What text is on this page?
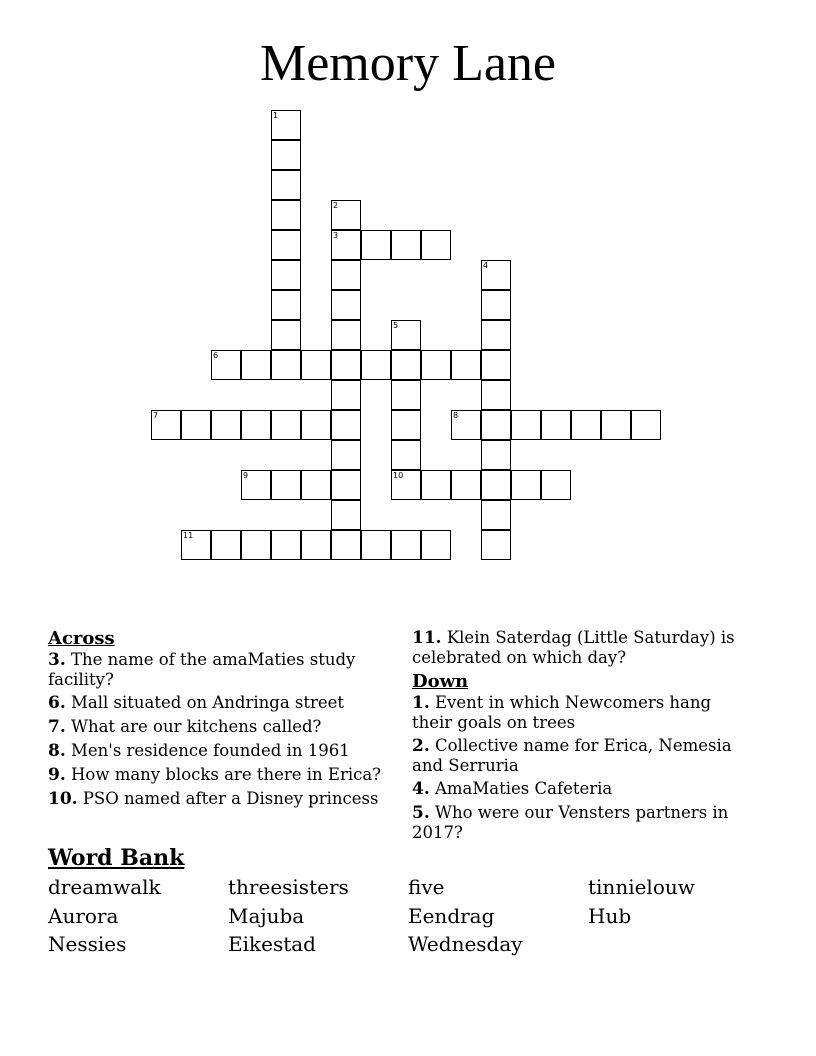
Memory Lane
1
2
3
4
5
10
6
7	8
9
11
Across
3. The name of the amaMaties study facility?
6. Mall situated on Andringa street
7. What are our kitchens called?
8. Men's residence founded in 1961
9. How many blocks are there in Erica?
10. PSO named after a Disney princess
11. Klein Saterdag (Little Saturday) is celebrated on which day?
Down
1. Event in which Newcomers hang their goals on trees
2. Collective name for Erica, Nemesia and Serruria
4. AmaMaties Cafeteria
5. Who were our Vensters partners in 2017?
Word Bank
dreamwalk	threesisters	five	tinnielouw
Aurora	Majuba	Eendrag	Hub
Nessies	Eikestad	Wednesday
